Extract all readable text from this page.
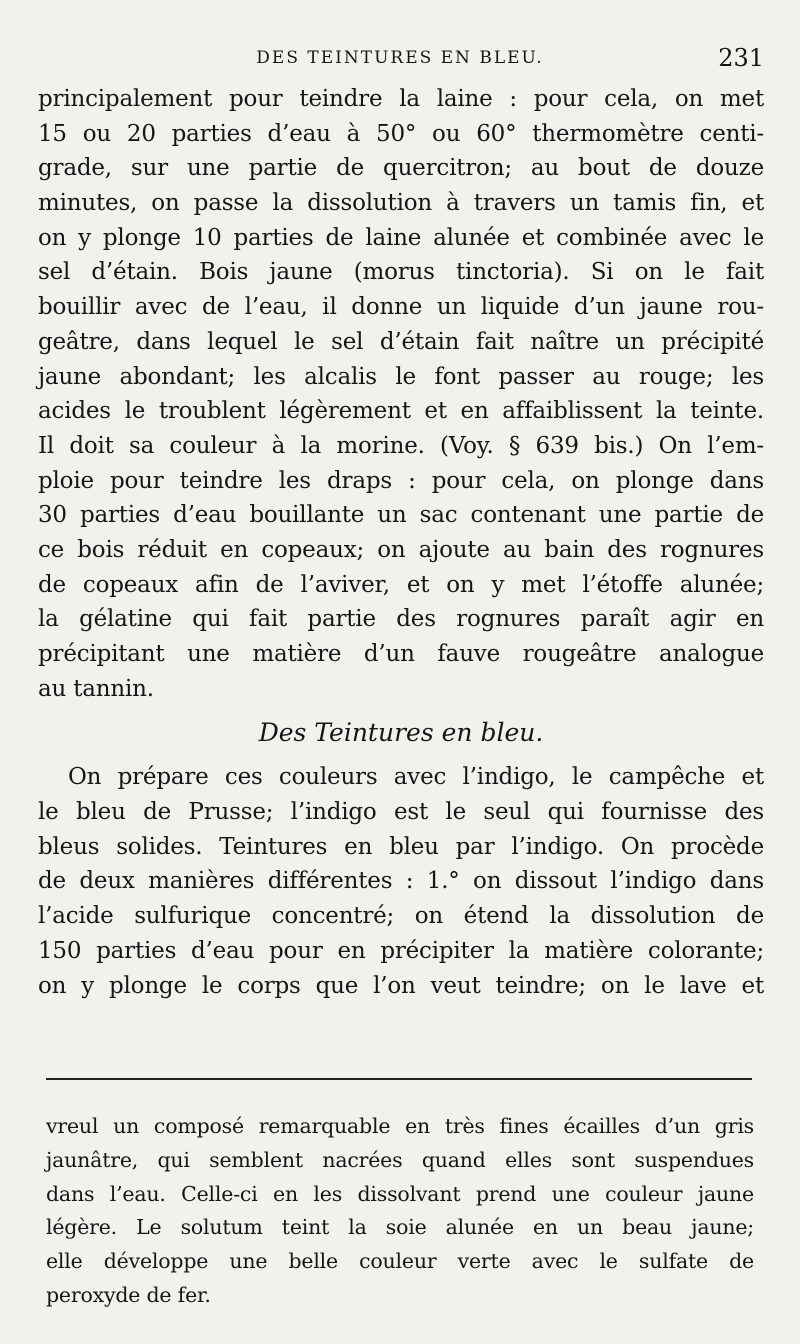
DES TEINTURES EN BLEU.	231
principalement pour teindre la laine : pour cela, on met
15 ou 20 parties d’eau à 50° ou 60° thermomètre centi-
grade, sur une partie de quercitron; au bout de douze
minutes, on passe la dissolution à travers un tamis fin, et
on y plonge 10 parties de laine alunée et combinée avec le
sel d’étain. Bois jaune (morus tinctoria). Si on le fait
bouillir avec de l’eau, il donne un liquide d’un jaune rou-
geâtre, dans lequel le sel d’étain fait naître un précipité
jaune abondant; les alcalis le font passer au rouge; les
acides le troublent légèrement et en affaiblissent la teinte.
Il doit sa couleur à la morine. (Voy. § 639 bis.) On l’em-
ploie pour teindre les draps : pour cela, on plonge dans
30 parties d’eau bouillante un sac contenant une partie de
ce bois réduit en copeaux; on ajoute au bain des rognures
de copeaux afin de l’aviver, et on y met l’étoffe alunée;
la gélatine qui fait partie des rognures paraît agir en
précipitant une matière d’un fauve rougeâtre analogue
au tannin.
Des Teintures en bleu.
On prépare ces couleurs avec l’indigo, le campêche et
le bleu de Prusse; l’indigo est le seul qui fournisse des
bleus solides. Teintures en bleu par l’indigo. On procède
de deux manières différentes : 1.° on dissout l’indigo dans
l’acide sulfurique concentré; on étend la dissolution de
150 parties d’eau pour en précipiter la matière colorante;
on y plonge le corps que l’on veut teindre; on le lave et
vreul un composé remarquable en très fines écailles d’un gris
jaunâtre, qui semblent nacrées quand elles sont suspendues
dans l’eau. Celle-ci en les dissolvant prend une couleur jaune
légère. Le solutum teint la soie alunée en un beau jaune;
elle développe une belle couleur verte avec le sulfate de
peroxyde de fer.
